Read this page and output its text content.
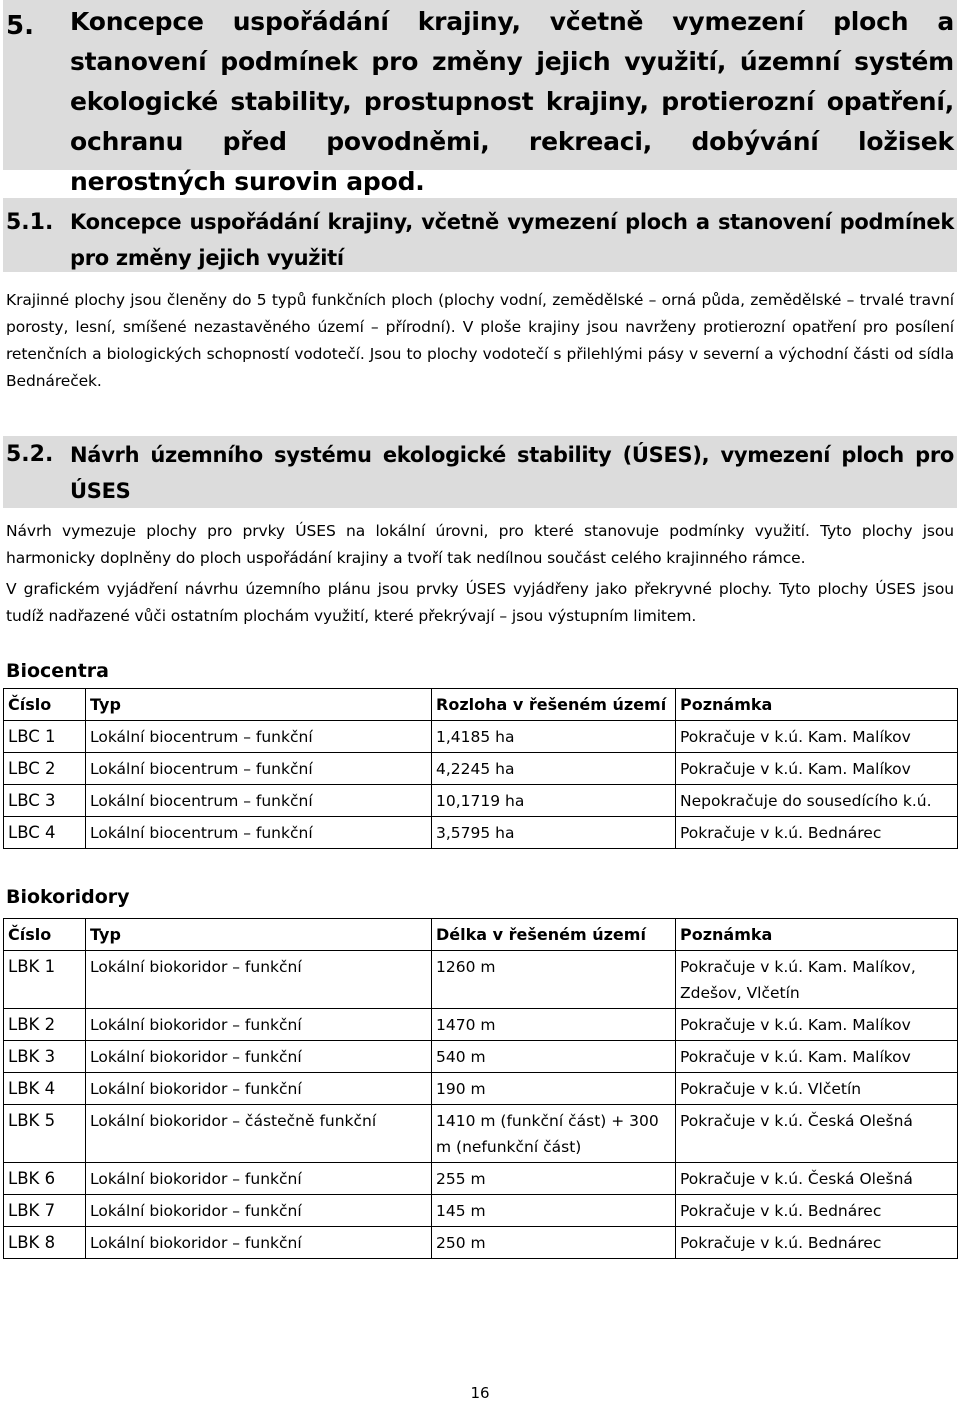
5. Koncepce uspořádání krajiny, včetně vymezení ploch a stanovení podmínek pro změny jejich využití, územní systém ekologické stability, prostupnost krajiny, protierozní opatření, ochranu před povodněmi, rekreaci, dobývání ložisek nerostných surovin apod.
5.1. Koncepce uspořádání krajiny, včetně vymezení ploch a stanovení podmínek pro změny jejich využití
Krajinné plochy jsou členěny do 5 typů funkčních ploch (plochy vodní, zemědělské – orná půda, zemědělské – trvalé travní porosty, lesní, smíšené nezastavěného území – přírodní). V ploše krajiny jsou navrženy protierozní opatření pro posílení retenčních a biologických schopností vodotečí. Jsou to plochy vodotečí s přilehlými pásy v severní a východní části od sídla Bednáreček.
5.2. Návrh územního systému ekologické stability (ÚSES), vymezení ploch pro ÚSES
Návrh vymezuje plochy pro prvky ÚSES na lokální úrovni, pro které stanovuje podmínky využití. Tyto plochy jsou harmonicky doplněny do ploch uspořádání krajiny a tvoří tak nedílnou součást celého krajinného rámce.
V grafickém vyjádření návrhu územního plánu jsou prvky ÚSES vyjádřeny jako překryvné plochy. Tyto plochy ÚSES jsou tudíž nadřazené vůči ostatním plochám využití, které překrývají – jsou výstupním limitem.
Biocentra
Číslo	Typ	Rozloha v řešeném území	Poznámka
LBC 1	Lokální biocentrum – funkční	1,4185 ha	Pokračuje v k.ú. Kam. Malíkov
LBC 2	Lokální biocentrum – funkční	4,2245 ha	Pokračuje v k.ú. Kam. Malíkov
LBC 3	Lokální biocentrum – funkční	10,1719 ha	Nepokračuje do sousedícího k.ú.
LBC 4	Lokální biocentrum – funkční	3,5795 ha	Pokračuje v k.ú. Bednárec
Biokoridory
Číslo	Typ	Délka v řešeném území	Poznámka
LBK 1	Lokální biokoridor – funkční	1260 m	Pokračuje v k.ú. Kam. Malíkov, Zdešov, Vlčetín
LBK 2	Lokální biokoridor – funkční	1470 m	Pokračuje v k.ú. Kam. Malíkov
LBK 3	Lokální biokoridor – funkční	540 m	Pokračuje v k.ú. Kam. Malíkov
LBK 4	Lokální biokoridor – funkční	190 m	Pokračuje v k.ú. Vlčetín
LBK 5	Lokální biokoridor – částečně funkční	1410 m (funkční část) + 300 m (nefunkční část)	Pokračuje v k.ú. Česká Olešná
LBK 6	Lokální biokoridor – funkční	255 m	Pokračuje v k.ú. Česká Olešná
LBK 7	Lokální biokoridor – funkční	145 m	Pokračuje v k.ú. Bednárec
LBK 8	Lokální biokoridor – funkční	250 m	Pokračuje v k.ú. Bednárec
16
